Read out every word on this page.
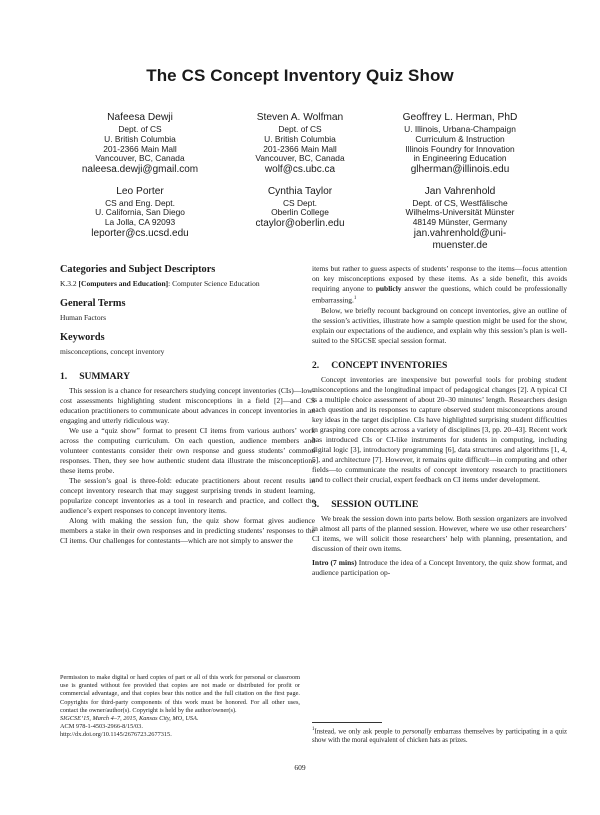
The CS Concept Inventory Quiz Show
Nafeesa Dewji
Dept. of CS
U. British Columbia
201-2366 Main Mall
Vancouver, BC, Canada
naleesa.dewji@gmail.com
Steven A. Wolfman
Dept. of CS
U. British Columbia
201-2366 Main Mall
Vancouver, BC, Canada
wolf@cs.ubc.ca
Geoffrey L. Herman, PhD
U. Illinois, Urbana-Champaign
Curriculum & Instruction
Illinois Foundry for Innovation
in Engineering Education
glherman@illinois.edu
Leo Porter
CS and Eng. Dept.
U. California, San Diego
La Jolla, CA 92093
leporter@cs.ucsd.edu
Cynthia Taylor
CS Dept.
Oberlin College
ctaylor@oberlin.edu
Jan Vahrenhold
Dept. of CS, Westfälische
Wilhelms-Universität Münster
48149 Münster, Germany
jan.vahrenhold@uni-
muenster.de
Categories and Subject Descriptors

K.3.2 [Computers and Education]: Computer Science Education

General Terms

Human Factors

Keywords

misconceptions, concept inventory

1. SUMMARY

This session is a chance for researchers studying concept inventories (CIs)—low-cost assessments highlighting student misconceptions in a field [2]—and CS education practitioners to communicate about advances in concept inventories in an engaging and utterly ridiculous way.

We use a “quiz show” format to present CI items from various authors’ work across the computing curriculum. On each question, audience members and volunteer contestants consider their own response and guess students’ common responses. Then, they see how authentic student data illustrate the misconceptions these items probe.

The session’s goal is three-fold: educate practitioners about recent results in concept inventory research that may suggest surprising trends in student learning, popularize concept inventories as a tool in research and practice, and collect the audience’s expert responses to concept inventory items.

Along with making the session fun, the quiz show format gives audience members a stake in their own responses and in predicting students’ responses to the CI items. Our challenges for contestants—which are not simply to answer the

Permission to make digital or hard copies of part or all of this work for personal or classroom use is granted without fee provided that copies are not made or distributed for profit or commercial advantage, and that copies bear this notice and the full citation on the first page. Copyrights for third-party components of this work must be honored. For all other uses, contact the owner/author(s). Copyright is held by the author/owner(s).

SIGCSE’15, March 4–7, 2015, Kansas City, MO, USA.
ACM 978-1-4503-2966-8/15/03.
http://dx.doi.org/10.1145/2676723.2677315.

items but rather to guess aspects of students’ response to the items—focus attention on key misconceptions exposed by these items. As a side benefit, this avoids requiring anyone to publicly answer the questions, which could be professionally embarrassing.$^1$

Below, we briefly recount background on concept inventories, give an outline of the session’s activities, illustrate how a sample question might be used for the show, explain our expectations of the audience, and explain why this session’s plan is well-suited to the SIGCSE special session format.

2. CONCEPT INVENTORIES

Concept inventories are inexpensive but powerful tools for probing student misconceptions and the longitudinal impact of pedagogical changes [2]. A typical CI is a multiple choice assessment of about 20–30 minutes’ length. Researchers design each question and its responses to capture observed student misconceptions around key ideas in the target discipline. CIs have highlighted surprising student difficulties in grasping core concepts across a variety of disciplines [3, pp. 20–43]. Recent work has introduced CIs or CI-like instruments for students in computing, including digital logic [3], introductory programming [6], data structures and algorithms [1, 4, 5], and architecture [7]. However, it remains quite difficult—in computing and other fields—to communicate the results of concept inventory research to practitioners and to collect their crucial, expert feedback on CI items under development.

3. SESSION OUTLINE

We break the session down into parts below. Both session organizers are involved in almost all parts of the planned session. However, where we use other researchers’ CI items, we will solicit those researchers’ help with planning, presentation, and discussion of their own items.

Intro (7 mins) Introduce the idea of a Concept Inventory, the quiz show format, and audience participation op-

$^1$Instead, we only ask people to personally embarrass themselves by participating in a quiz show with the moral equivalent of chicken hats as prizes.

609
